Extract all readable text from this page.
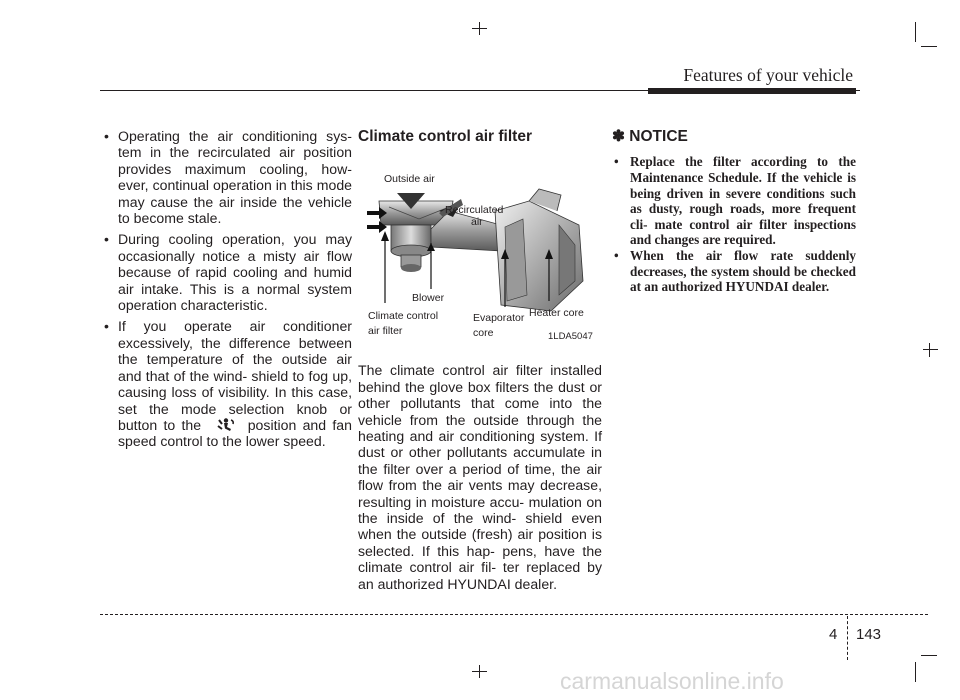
Features of your vehicle
• Operating the air conditioning sys- tem in the recirculated air position provides maximum cooling, how- ever, continual operation in this mode may cause the air inside the vehicle to become stale.
• During cooling operation, you may occasionally notice a misty air flow because of rapid cooling and humid air intake. This is a normal system operation characteristic.
• If you operate air conditioner excessively, the difference between the temperature of the outside air and that of the wind- shield to fog up, causing loss of visibility. In this case, set the mode selection knob or button to the	position and fan speed control to the lower speed.
Climate control air filter

The climate control air filter installed behind the glove box filters the dust or other pollutants that come into the vehicle from the outside through the heating and air conditioning system. If dust or other pollutants accumulate in the filter over a period of time, the air flow from the air vents may decrease, resulting in moisture accu- mulation on the inside of the wind- shield even when the outside (fresh) air position is selected. If this hap- pens, have the climate control air fil- ter replaced by an authorized HYUNDAI dealer.

Outside air
Recirculated
air
Blower
Climate control
air filter
Evaporator
core
Heater core
1LDA5047
✽ NOTICE
• Replace the filter according to the Maintenance Schedule. If the vehicle is being driven in severe conditions such as dusty, rough roads, more frequent cli- mate control air filter inspections and changes are required.
• When the air flow rate suddenly decreases, the system should be checked at an authorized HYUNDAI dealer.
4 143
carmanualsonline.info
